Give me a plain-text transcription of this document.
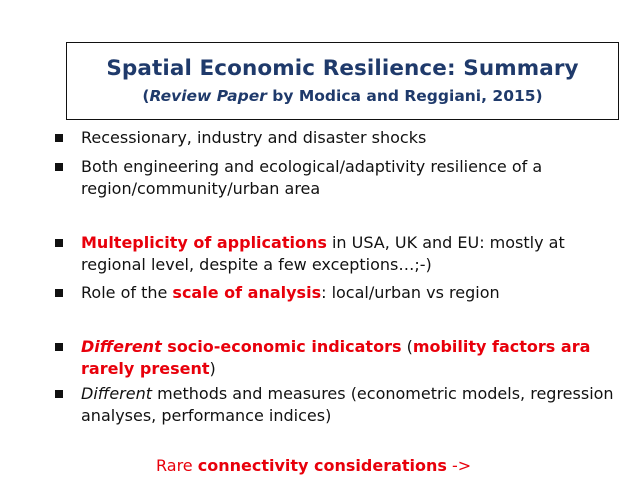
Spatial Economic Resilience: Summary
(Review Paper by Modica and Reggiani, 2015)
Recessionary, industry and disaster shocks
Both engineering and ecological/adaptivity resilience of a region/community/urban area
Multeplicity of applications in USA, UK and EU: mostly at regional level, despite a few exceptions…;-)
Role of the scale of analysis: local/urban vs region
Different socio-economic indicators (mobility factors ara rarely present)
Different methods and measures (econometric models, regression analyses, performance indices)
Rare connectivity considerations ->
